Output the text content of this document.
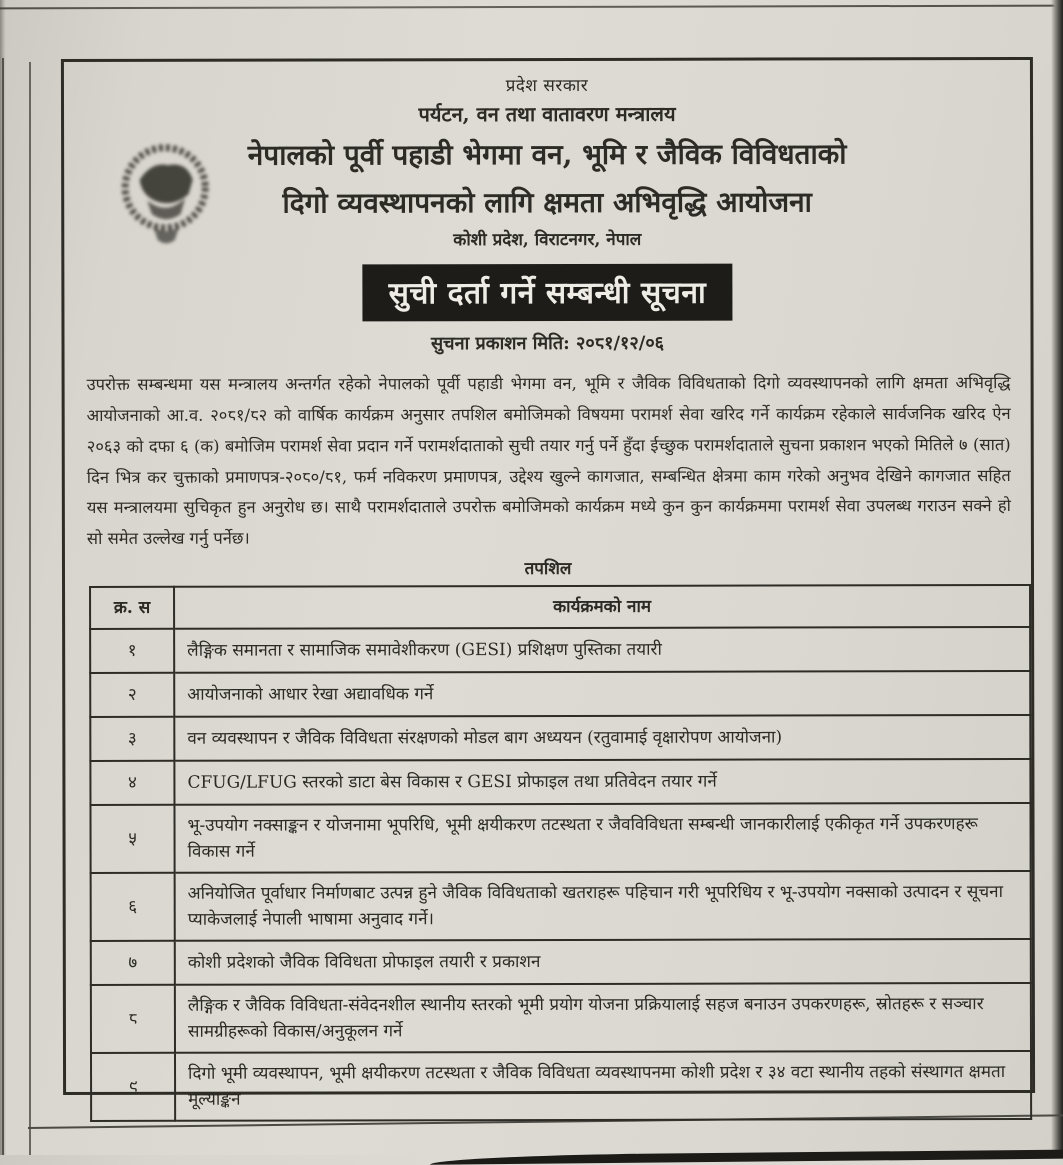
प्रदेश सरकार
पर्यटन, वन तथा वातावरण मन्त्रालय
नेपालको पूर्वी पहाडी भेगमा वन, भूमि र जैविक विविधताको
दिगो व्यवस्थापनको लागि क्षमता अभिवृद्धि आयोजना
कोशी प्रदेश, विराटनगर, नेपाल
सुची दर्ता गर्ने सम्बन्धी सूचना
सुचना प्रकाशन मिति: २०८१/१२/०६
उपरोक्त सम्बन्धमा यस मन्त्रालय अन्तर्गत रहेको नेपालको पूर्वी पहाडी भेगमा वन, भूमि र जैविक विविधताको दिगो व्यवस्थापनको लागि क्षमता अभिवृद्धि आयोजनाको आ.व. २०८१/८२ को वार्षिक कार्यक्रम अनुसार तपशिल बमोजिमको विषयमा परामर्श सेवा खरिद गर्ने कार्यक्रम रहेकाले सार्वजनिक खरिद ऐन २०६३ को दफा ६ (क) बमोजिम परामर्श सेवा प्रदान गर्ने परामर्शदाताको सुची तयार गर्नु पर्ने हुँदा ईच्छुक परामर्शदाताले सुचना प्रकाशन भएको मितिले ७ (सात) दिन भित्र कर चुक्ताको प्रमाणपत्र-२०८०/८१, फर्म नविकरण प्रमाणपत्र, उद्देश्य खुल्ने कागजात, सम्बन्धित क्षेत्रमा काम गरेको अनुभव देखिने कागजात सहित यस मन्त्रालयमा सुचिकृत हुन अनुरोध छ। साथै परामर्शदाताले उपरोक्त बमोजिमको कार्यक्रम मध्ये कुन कुन कार्यक्रममा परामर्श सेवा उपलब्ध गराउन सक्ने हो सो समेत उल्लेख गर्नु पर्नेछ।
तपशिल
क्र. स	कार्यक्रमको नाम
१	लैङ्गिक समानता र सामाजिक समावेशीकरण (GESI) प्रशिक्षण पुस्तिका तयारी
२	आयोजनाको आधार रेखा अद्यावधिक गर्ने
३	वन व्यवस्थापन र जैविक विविधता संरक्षणको मोडल बाग अध्ययन (रतुवामाई वृक्षारोपण आयोजना)
४	CFUG/LFUG स्तरको डाटा बेस विकास र GESI प्रोफाइल तथा प्रतिवेदन तयार गर्ने
५	भू-उपयोग नक्साङ्कन र योजनामा भूपरिधि, भूमी क्षयीकरण तटस्थता र जैवविविधता सम्बन्धी जानकारीलाई एकीकृत गर्ने उपकरणहरू विकास गर्ने
६	अनियोजित पूर्वाधार निर्माणबाट उत्पन्न हुने जैविक विविधताको खतराहरू पहिचान गरी भूपरिधिय र भू-उपयोग नक्साको उत्पादन र सूचना प्याकेजलाई नेपाली भाषामा अनुवाद गर्ने।
७	कोशी प्रदेशको जैविक विविधता प्रोफाइल तयारी र प्रकाशन
८	लैङ्गिक र जैविक विविधता-संवेदनशील स्थानीय स्तरको भूमी प्रयोग योजना प्रक्रियालाई सहज बनाउन उपकरणहरू, स्रोतहरू र सञ्चार सामग्रीहरूको विकास/अनुकूलन गर्ने
९	दिगो भूमी व्यवस्थापन, भूमी क्षयीकरण तटस्थता र जैविक विविधता व्यवस्थापनमा कोशी प्रदेश र ३४ वटा स्थानीय तहको संस्थागत क्षमता मूल्याङ्कन
